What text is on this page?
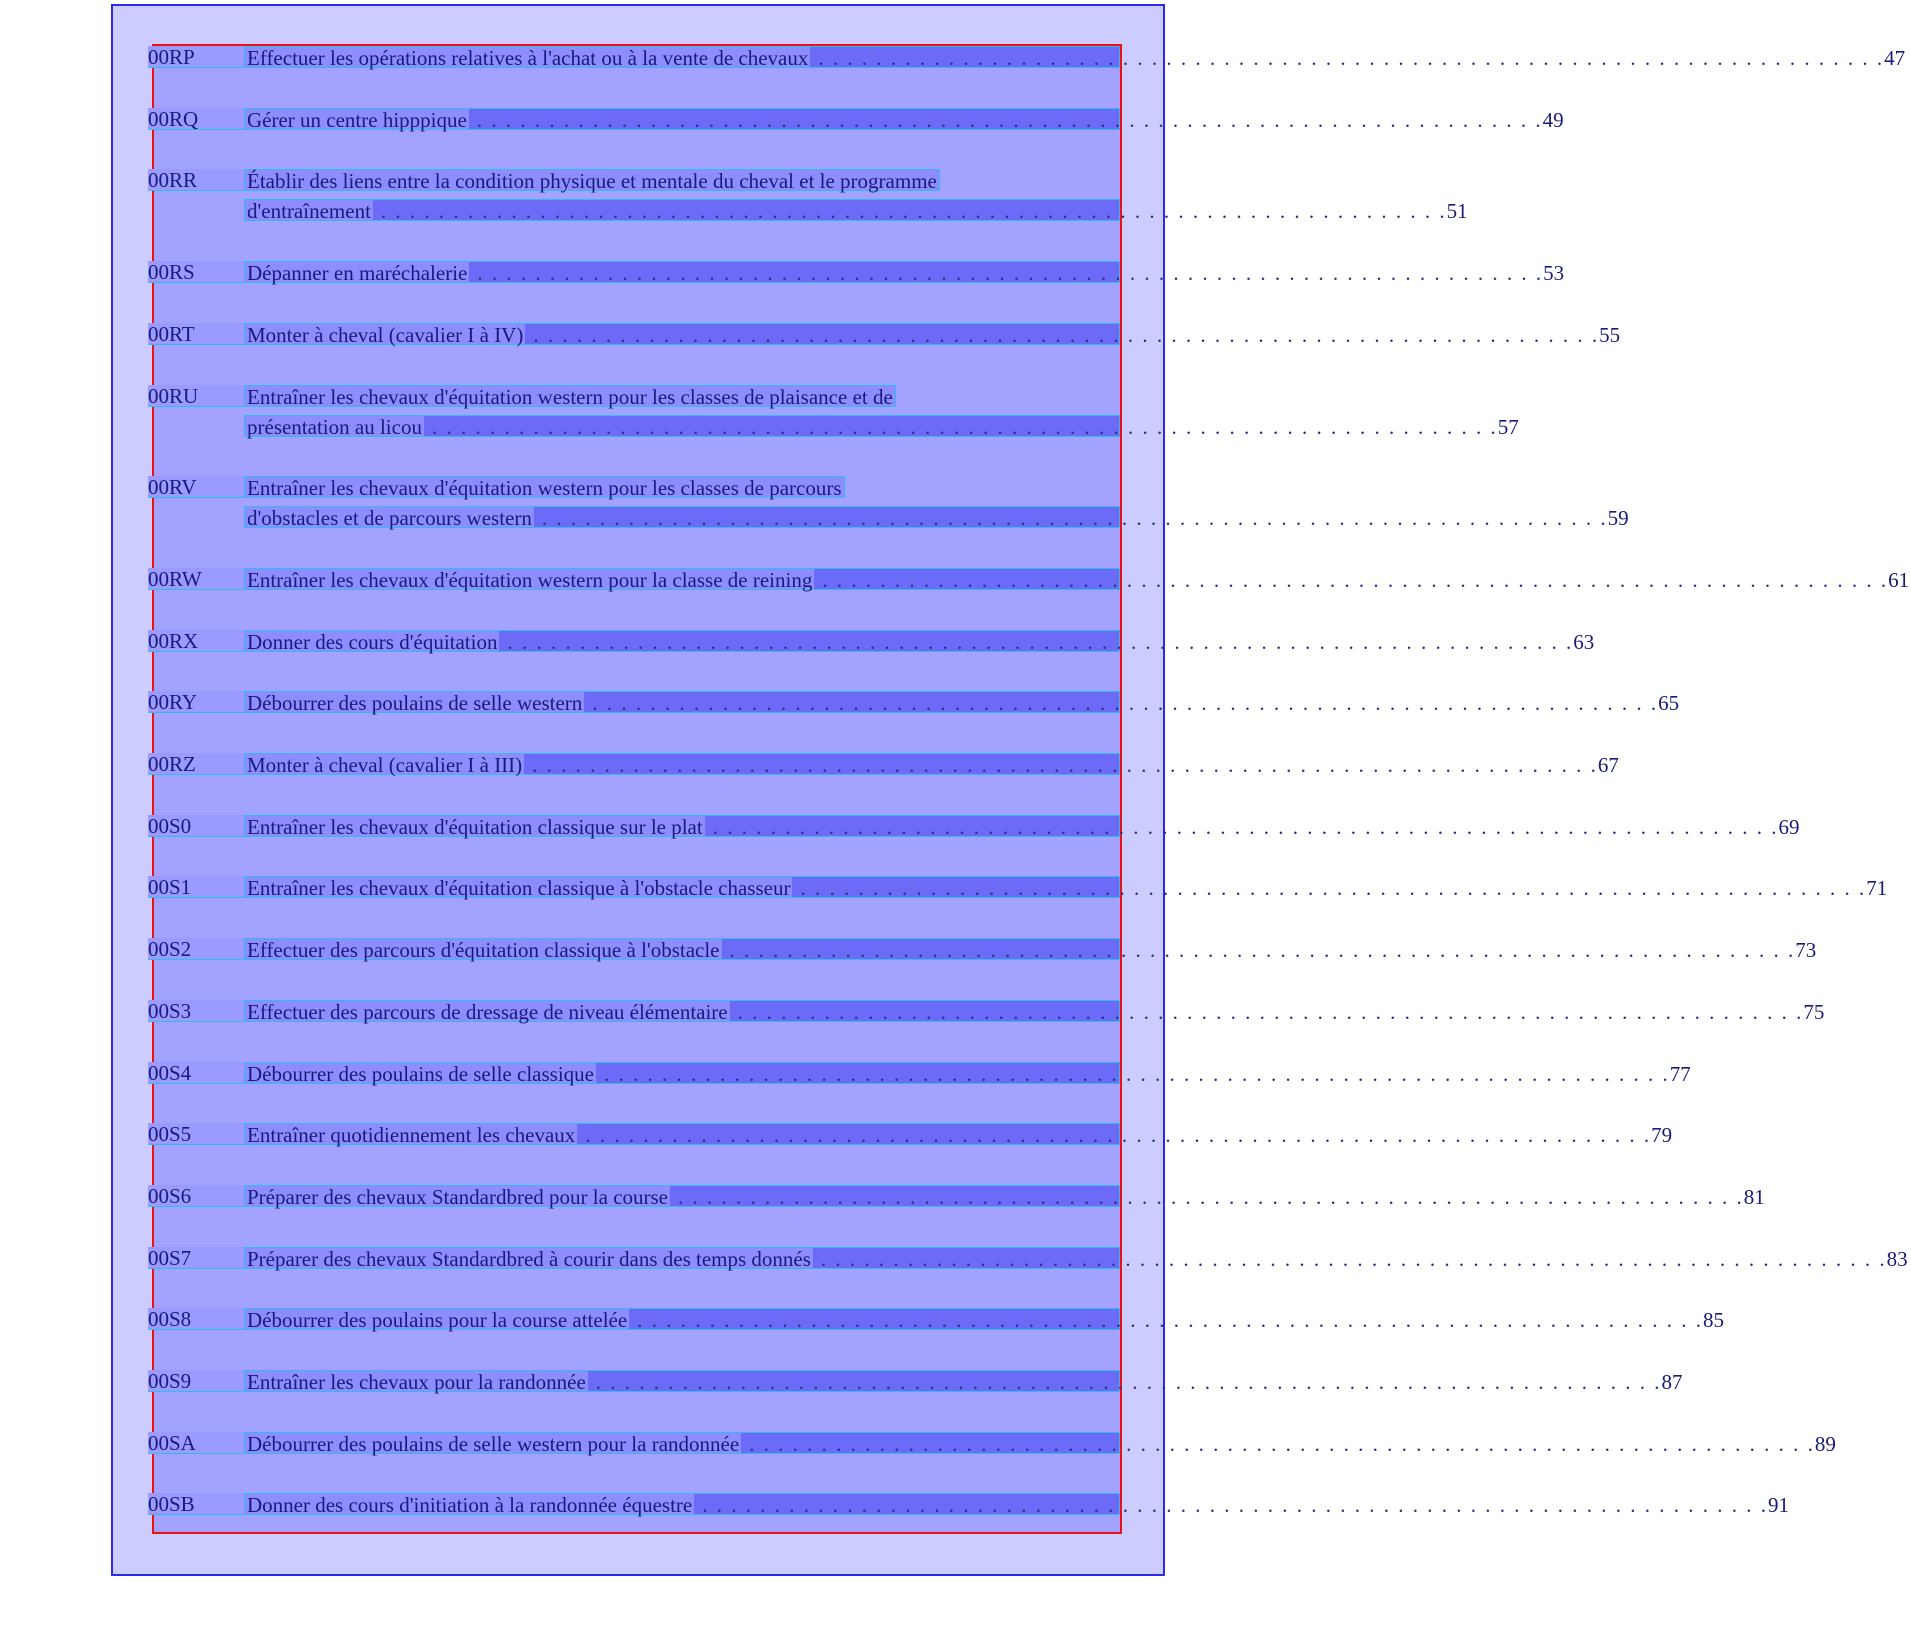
00RP	Effectuer les opérations relatives à l'achat ou à la vente de chevaux . . . . . . . . . . . . . . . . . . . . . . . . . . . . . . . . . . . . . . . . . . . . . . . . . . . . . . . . . . . . . . . . . . . . . . . . . . 47
00RQ	Gérer un centre hipppique . . . . . . . . . . . . . . . . . . . . . . . . . . . . . . . . . . . . . . . . . . . . . . . . . . . . . . . . . . . . . . . . . . . . . . . . . . 49
00RR	Établir des liens entre la condition physique et mentale du cheval et le programme
d'entraînement . . . . . . . . . . . . . . . . . . . . . . . . . . . . . . . . . . . . . . . . . . . . . . . . . . . . . . . . . . . . . . . . . . . . . . . . . . 51
00RS	Dépanner en maréchalerie . . . . . . . . . . . . . . . . . . . . . . . . . . . . . . . . . . . . . . . . . . . . . . . . . . . . . . . . . . . . . . . . . . . . . . . . . . 53
00RT	Monter à cheval (cavalier I à IV) . . . . . . . . . . . . . . . . . . . . . . . . . . . . . . . . . . . . . . . . . . . . . . . . . . . . . . . . . . . . . . . . . . . . . . . . . . 55
00RU	Entraîner les chevaux d'équitation western pour les classes de plaisance et de
présentation au licou . . . . . . . . . . . . . . . . . . . . . . . . . . . . . . . . . . . . . . . . . . . . . . . . . . . . . . . . . . . . . . . . . . . . . . . . . . 57
00RV	Entraîner les chevaux d'équitation western pour les classes de parcours
d'obstacles et de parcours western . . . . . . . . . . . . . . . . . . . . . . . . . . . . . . . . . . . . . . . . . . . . . . . . . . . . . . . . . . . . . . . . . . . . . . . . . . 59
00RW	Entraîner les chevaux d'équitation western pour la classe de reining . . . . . . . . . . . . . . . . . . . . . . . . . . . . . . . . . . . . . . . . . . . . . . . . . . . . . . . . . . . . . . . . . . . . . . . . . . 61
00RX	Donner des cours d'équitation . . . . . . . . . . . . . . . . . . . . . . . . . . . . . . . . . . . . . . . . . . . . . . . . . . . . . . . . . . . . . . . . . . . . . . . . . . 63
00RY	Débourrer des poulains de selle western . . . . . . . . . . . . . . . . . . . . . . . . . . . . . . . . . . . . . . . . . . . . . . . . . . . . . . . . . . . . . . . . . . . . . . . . . . 65
00RZ	Monter à cheval (cavalier I à III) . . . . . . . . . . . . . . . . . . . . . . . . . . . . . . . . . . . . . . . . . . . . . . . . . . . . . . . . . . . . . . . . . . . . . . . . . . 67
00S0	Entraîner les chevaux d'équitation classique sur le plat . . . . . . . . . . . . . . . . . . . . . . . . . . . . . . . . . . . . . . . . . . . . . . . . . . . . . . . . . . . . . . . . . . . . . . . . . . 69
00S1	Entraîner les chevaux d'équitation classique à l'obstacle chasseur . . . . . . . . . . . . . . . . . . . . . . . . . . . . . . . . . . . . . . . . . . . . . . . . . . . . . . . . . . . . . . . . . . . . . . . . . . 71
00S2	Effectuer des parcours d'équitation classique à l'obstacle . . . . . . . . . . . . . . . . . . . . . . . . . . . . . . . . . . . . . . . . . . . . . . . . . . . . . . . . . . . . . . . . . . . . . . . . . . 73
00S3	Effectuer des parcours de dressage de niveau élémentaire . . . . . . . . . . . . . . . . . . . . . . . . . . . . . . . . . . . . . . . . . . . . . . . . . . . . . . . . . . . . . . . . . . . . . . . . . . 75
00S4	Débourrer des poulains de selle classique . . . . . . . . . . . . . . . . . . . . . . . . . . . . . . . . . . . . . . . . . . . . . . . . . . . . . . . . . . . . . . . . . . . . . . . . . . 77
00S5	Entraîner quotidiennement les chevaux . . . . . . . . . . . . . . . . . . . . . . . . . . . . . . . . . . . . . . . . . . . . . . . . . . . . . . . . . . . . . . . . . . . . . . . . . . 79
00S6	Préparer des chevaux Standardbred pour la course . . . . . . . . . . . . . . . . . . . . . . . . . . . . . . . . . . . . . . . . . . . . . . . . . . . . . . . . . . . . . . . . . . . . . . . . . . 81
00S7	Préparer des chevaux Standardbred à courir dans des temps donnés . . . . . . . . . . . . . . . . . . . . . . . . . . . . . . . . . . . . . . . . . . . . . . . . . . . . . . . . . . . . . . . . . . . . . . . . . . 83
00S8	Débourrer des poulains pour la course attelée . . . . . . . . . . . . . . . . . . . . . . . . . . . . . . . . . . . . . . . . . . . . . . . . . . . . . . . . . . . . . . . . . . . . . . . . . . 85
00S9	Entraîner les chevaux pour la randonnée . . . . . . . . . . . . . . . . . . . . . . . . . . . . . . . . . . . . . . . . . . . . . . . . . . . . . . . . . . . . . . . . . . . . . . . . . . 87
00SA	Débourrer des poulains de selle western pour la randonnée . . . . . . . . . . . . . . . . . . . . . . . . . . . . . . . . . . . . . . . . . . . . . . . . . . . . . . . . . . . . . . . . . . . . . . . . . . 89
00SB	Donner des cours d'initiation à la randonnée équestre . . . . . . . . . . . . . . . . . . . . . . . . . . . . . . . . . . . . . . . . . . . . . . . . . . . . . . . . . . . . . . . . . . . . . . . . . . 91
